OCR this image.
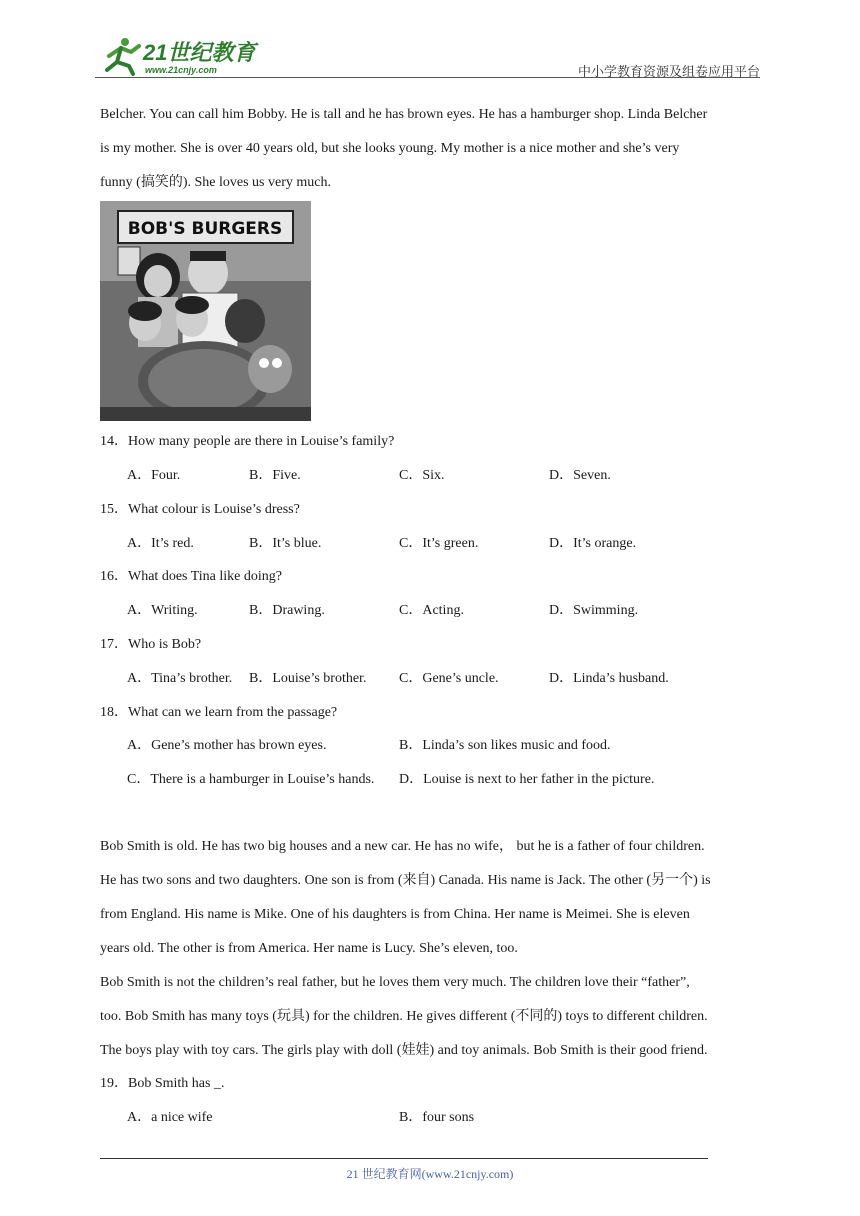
21世纪教育
www.21cnjy.com	中小学教育资源及组卷应用平台

Belcher. You can call him Bobby. He is tall and he has brown eyes. He has a hamburger shop. Linda Belcher

is my mother. She is over 40 years old, but she looks young. My mother is a nice mother and she’s very

funny (搞笑的). She loves us very much.

BOB'S BURGERS
14．How many people are there in Louise’s family?
A．Four.	B．Five.	C．Six.	D．Seven.
15．What colour is Louise’s dress?
A．It’s red.	B．It’s blue.	C．It’s green.	D．It’s orange.
16．What does Tina like doing?
A．Writing.	B．Drawing.	C．Acting.	D．Swimming.
17．Who is Bob?
A．Tina’s brother. B．Louise’s brother. C．Gene’s uncle.	D．Linda’s husband.
18．What can we learn from the passage?
A．Gene’s mother has brown eyes.	B．Linda’s son likes music and food.
C．There is a hamburger in Louise’s hands. D．Louise is next to her father in the picture.

Bob Smith is old. He has two big houses and a new car. He has no wife， but he is a father of four children.

He has two sons and two daughters. One son is from (来自) Canada. His name is Jack. The other (另一个) is

from England. His name is Mike. One of his daughters is from China. Her name is Meimei. She is eleven

years old. The other is from America. Her name is Lucy. She’s eleven, too.

Bob Smith is not the children’s real father, but he loves them very much. The children love their “father”,

too. Bob Smith has many toys (玩具) for the children. He gives different (不同的) toys to different children.

The boys play with toy cars. The girls play with doll (娃娃) and toy animals. Bob Smith is their good friend.

19．Bob Smith has _.
A．a nice wife	B．four sons
21 世纪教育网(www.21cnjy.com)
